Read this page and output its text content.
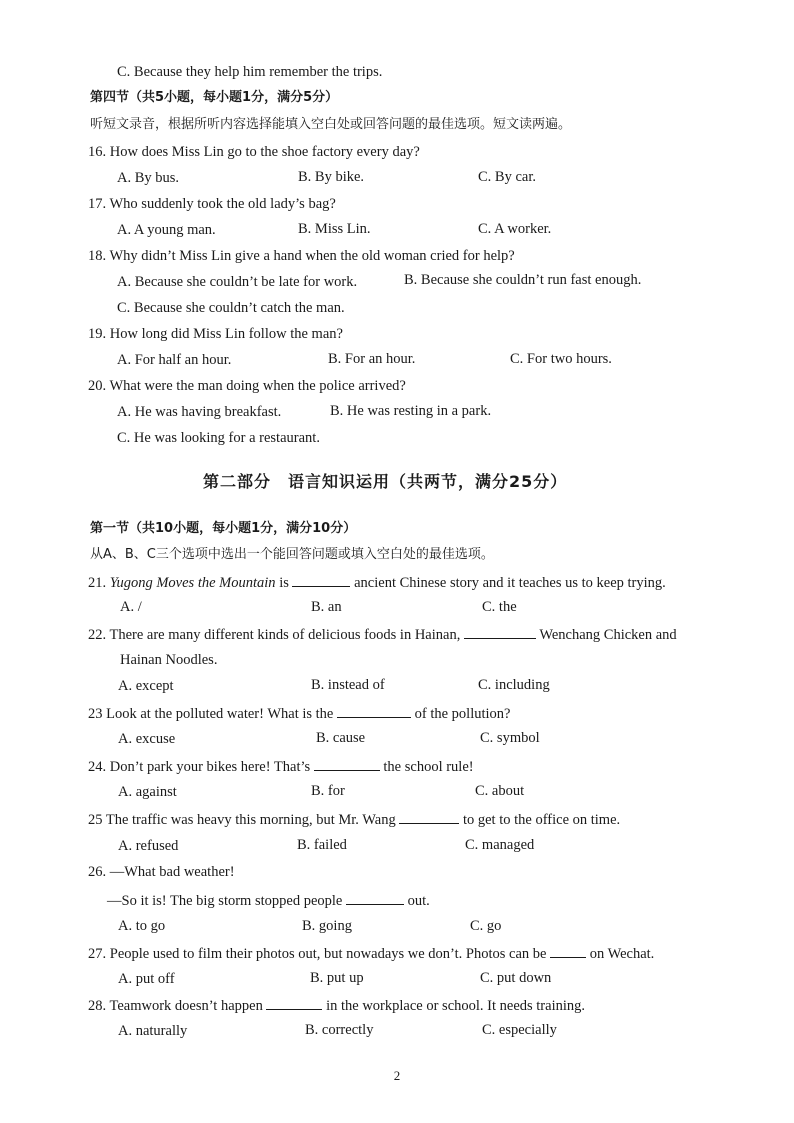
C. Because they help him remember the trips.
第四节（共5小题，每小题1分，满分5分）
听短文录音，根据所听内容选择能填入空白处或回答问题的最佳选项。短文读两遍。
16. How does Miss Lin go to the shoe factory every day?
A. By bus.	B. By bike.	C. By car.
17. Who suddenly took the old lady’s bag?
A. A young man.	B. Miss Lin.	C. A worker.
18. Why didn’t Miss Lin give a hand when the old woman cried for help?
A. Because she couldn’t be late for work.	B. Because she couldn’t run fast enough.
C. Because she couldn’t catch the man.
19. How long did Miss Lin follow the man?
A. For half an hour.	B. For an hour.	C. For two hours.
20. What were the man doing when the police arrived?
A. He was having breakfast.	B. He was resting in a park.
C. He was looking for a restaurant.
第二部分　语言知识运用（共两节，满分25分）
第一节（共10小题，每小题1分，满分10分）
从A、B、C三个选项中选出一个能回答问题或填入空白处的最佳选项。
21. Yugong Moves the Mountain is	ancient Chinese story and it teaches us to keep trying.
A. /	B. an	C. the
22. There are many different kinds of delicious foods in Hainan,	Wenchang Chicken and
Hainan Noodles.
A. except	B. instead of	C. including
23 Look at the polluted water! What is the	of the pollution?
A. excuse	B. cause	C. symbol
24. Don’t park your bikes here! That’s	the school rule!
A. against	B. for	C. about
25 The traffic was heavy this morning, but Mr. Wang	to get to the office on time.
A. refused	B. failed	C. managed
26. —What bad weather!
—So it is! The big storm stopped people	out.
A. to go	B. going	C. go
27. People used to film their photos out, but nowadays we don’t. Photos can be	on Wechat.
A. put off	B. put up	C. put down
28. Teamwork doesn’t happen	in the workplace or school. It needs training.
A. naturally	B. correctly	C. especially
2
